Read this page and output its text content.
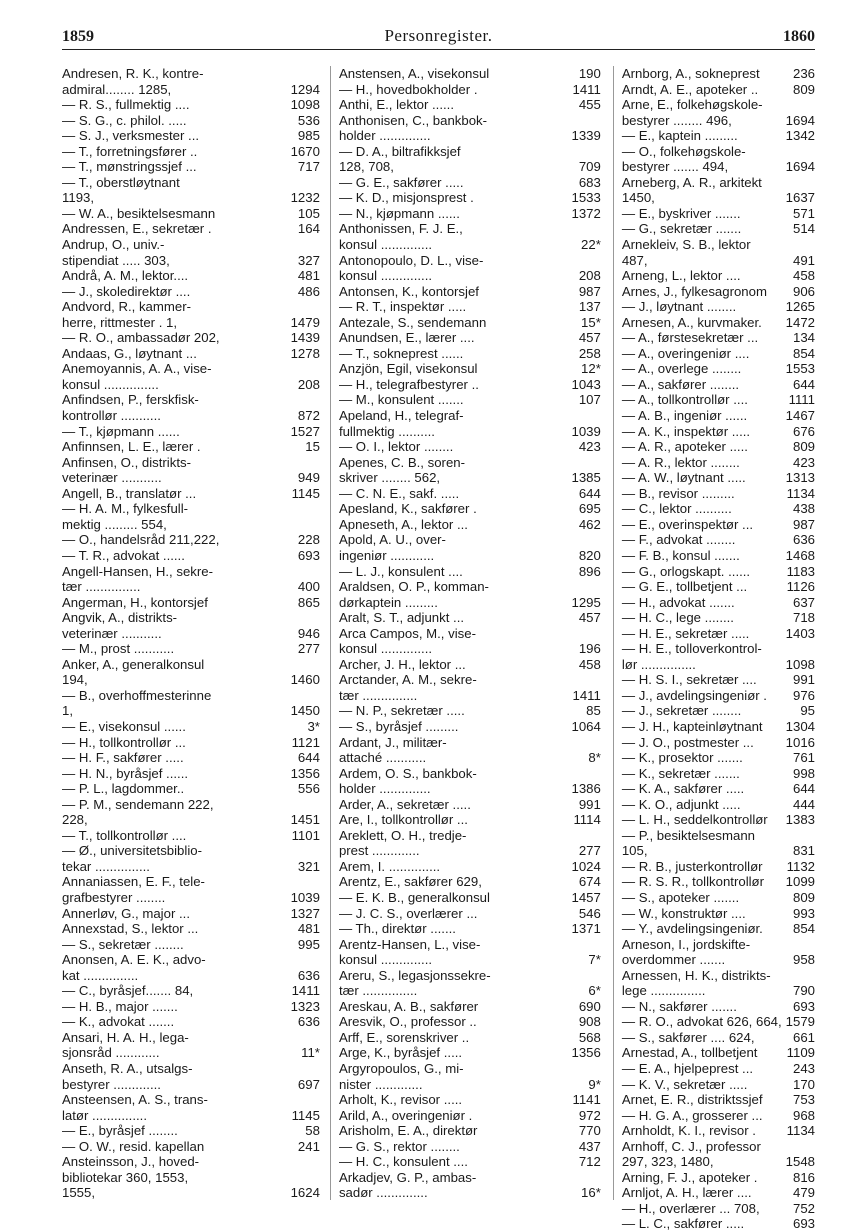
1859	Personregister.	1860
Andresen, R. K., kontre-
admiral........ 1285,	1294
— R. S., fullmektig ....	1098
— S. G., c. philol. .....	536
— S. J., verksmester ...	985
— T., forretningsfører ..	1670
— T., mønstringssjef ...	717
— T., oberstløytnant
1193,	1232
— W. A., besiktelsesmann	105
Andressen, E., sekretær .	164
Andrup, O., univ.-
stipendiat ..... 303,	327
Andrå, A. M., lektor....	481
— J., skoledirektør ....	486
Andvord, R., kammer-
herre, rittmester . 1,	1479
— R. O., ambassadør 202,	1439
Andaas, G., løytnant ...	1278
Anemoyannis, A. A., vise-
konsul ...............	208
Anfindsen, P., ferskfisk-
kontrollør ...........	872
— T., kjøpmann ......	1527
Anfinnsen, L. E., lærer .	15
Anfinsen, O., distrikts-
veterinær ...........	949
Angell, B., translatør ...	1145
— H. A. M., fylkesfull-
mektig ......... 554,
— O., handelsråd 211,222,	228
— T. R., advokat ......	693
Angell-Hansen, H., sekre-
tær ...............	400
Angerman, H., kontorsjef	865
Angvik, A., distrikts-
veterinær ...........	946
— M., prost ...........	277
Anker, A., generalkonsul
194,	1460
— B., overhoffmesterinne
1,	1450
— E., visekonsul ......	3*
— H., tollkontrollør ...	1121
— H. F., sakfører .....	644
— H. N., byråsjef ......	1356
— P. L., lagdommer..	556
— P. M., sendemann 222,
228,	1451
— T., tollkontrollør ....	1101
— Ø., universitetsbiblio-
tekar ...............	321
Annaniassen, E. F., tele-
grafbestyrer ........	1039
Annerløv, G., major ...	1327
Annexstad, S., lektor ...	481
— S., sekretær ........	995
Anonsen, A. E. K., advo-
kat ...............	636
— C., byråsjef....... 84,	1411
— H. B., major .......	1323
— K., advokat .......	636
Ansari, H. A. H., lega-
sjonsråd ............	11*
Anseth, R. A., utsalgs-
bestyrer .............	697
Ansteensen, A. S., trans-
latør ...............	1145
— E., byråsjef ........	58
— O. W., resid. kapellan	241
Ansteinsson, J., hoved-
bibliotekar 360, 1553,
1555,	1624
Anstensen, A., visekonsul	190
— H., hovedbokholder .	1411
Anthi, E., lektor ......	455
Anthonisen, C., bankbok-
holder ..............	1339
— D. A., biltrafikksjef
128, 708,	709
— G. E., sakfører .....	683
— K. D., misjonsprest .	1533
— N., kjøpmann ......	1372
Anthonissen, F. J. E.,
konsul ..............	22*
Antonopoulo, D. L., vise-
konsul ..............	208
Antonsen, K., kontorsjef	987
— R. T., inspektør .....	137
Antezale, S., sendemann	15*
Anundsen, E., lærer ....	457
— T., sokneprest ......	258
Anzjön, Egil, visekonsul	12*
— H., telegrafbestyrer ..	1043
— M., konsulent .......	107
Apeland, H., telegraf-
fullmektig ..........	1039
— O. I., lektor ........	423
Apenes, C. B., soren-
skriver ........ 562,	1385
— C. N. E., sakf. .....	644
Apesland, K., sakfører .	695
Apneseth, A., lektor ...	462
Apold, A. U., over-
ingeniør ............	820
— L. J., konsulent ....	896
Araldsen, O. P., komman-
dørkaptein .........	1295
Aralt, S. T., adjunkt ...	457
Arca Campos, M., vise-
konsul ..............	196
Archer, J. H., lektor ...	458
Arctander, A. M., sekre-
tær ...............	1411
— N. P., sekretær .....	85
— S., byråsjef .........	1064
Ardant, J., militær-
attaché ...........	8*
Ardem, O. S., bankbok-
holder ..............	1386
Arder, A., sekretær .....	991
Are, I., tollkontrollør ...	1114
Areklett, O. H., tredje-
prest .............	277
Arem, I. ..............	1024
Arentz, E., sakfører 629,	674
— E. K. B., generalkonsul	1457
— J. C. S., overlærer ...	546
— Th., direktør .......	1371
Arentz-Hansen, L., vise-
konsul ..............	7*
Areru, S., legasjonssekre-
tær ...............	6*
Areskau, A. B., sakfører	690
Aresvik, O., professor ..	908
Arff, E., sorenskriver ..	568
Arge, K., byråsjef .....	1356
Argyropoulos, G., mi-
nister .............	9*
Arholt, K., revisor .....	1141
Arild, A., overingeniør .	972
Arisholm, E. A., direktør	770
— G. S., rektor ........	437
— H. C., konsulent ....	712
Arkadjev, G. P., ambas-
sadør ..............	16*
Arnborg, A., sokneprest	236
Arndt, A. E., apoteker ..	809
Arne, E., folkehøgskole-
bestyrer ........ 496,	1694
— E., kaptein .........	1342
— O., folkehøgskole-
bestyrer ....... 494,	1694
Arneberg, A. R., arkitekt
1450,	1637
— E., byskriver .......	571
— G., sekretær .......	514
Arnekleiv, S. B., lektor
487,	491
Arneng, L., lektor ....	458
Arnes, J., fylkesagronom	906
— J., løytnant ........	1265
Arnesen, A., kurvmaker.	1472
— A., førstesekretær ...	134
— A., overingeniør ....	854
— A., overlege ........	1553
— A., sakfører ........	644
— A., tollkontrollør ....	1111
— A. B., ingeniør ......	1467
— A. K., inspektør .....	676
— A. R., apoteker .....	809
— A. R., lektor ........	423
— A. W., løytnant .....	1313
— B., revisor .........	1134
— C., lektor ..........	438
— E., overinspektør ...	987
— F., advokat ........	636
— F. B., konsul .......	1468
— G., orlogskapt. ......	1183
— G. E., tollbetjent ...	1126
— H., advokat .......	637
— H. C., lege ........	718
— H. E., sekretær .....	1403
— H. E., tolloverkontrol-
lør ...............	1098
— H. S. I., sekretær ....	991
— J., avdelingsingeniør .	976
— J., sekretær ........	95
— J. H., kapteinløytnant	1304
— J. O., postmester ...	1016
— K., prosektor .......	761
— K., sekretær .......	998
— K. A., sakfører .....	644
— K. O., adjunkt .....	444
— L. H., seddelkontrollør	1383
— P., besiktelsesmann
105,	831
— R. B., justerkontrollør	1132
— R. S. R., tollkontrollør	1099
— S., apoteker .......	809
— W., konstruktør ....	993
— Y., avdelingsingeniør.	854
Arneson, I., jordskifte-
overdommer .......	958
Arnessen, H. K., distrikts-
lege ...............	790
— N., sakfører .......	693
— R. O., advokat 626, 664, 1579
— S., sakfører .... 624,	661
Arnestad, A., tollbetjent	1109
— E. A., hjelpeprest ...	243
— K. V., sekretær .....	170
Arnet, E. R., distriktssjef	753
— H. G. A., grosserer ...	968
Arnholdt, K. I., revisor .	1134
Arnhoff, C. J., professor
297, 323, 1480,	1548
Arning, F. J., apoteker .	816
Arnljot, A. H., lærer ....	479
— H., overlærer ... 708,	752
— L. C., sakfører .....	693
